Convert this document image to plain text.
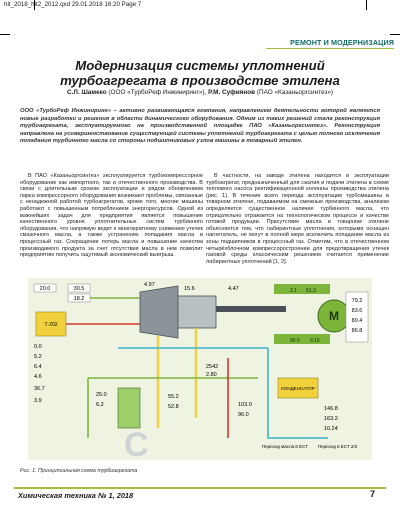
hit_2018_hit2_2012.qxd 29.01.2018 16:20 Page 7
РЕМОНТ И МОДЕРНИЗАЦИЯ
Модернизация системы уплотнений
турбоагрегата в производстве этилена
С.Л. Шамеко (ООО «ТурбоРеф Инжиниринг»), Р.М. Суфиянов (ПАО «Казаньоргсинтез»)
ООО «ТурбоРеф Инжиниринг» – активно развивающаяся компания, направлением деятельности которой являются новые разработки и решения в области динамического оборудования. Одним из таких решений стала реконструкция турбоагрегата, эксплуатируемого на производственной площадке ПАО «Казаньоргсинтез». Реконструкция направлена на усовершенствование существующей системы уплотнений турбоагрегата с целью полного исключения попадания турбинного масла со стороны подшипниковых узлов машины в товарный этилен.

В ПАО «Казаньоргсинтез» эксплуатируется турбокомпрессорное оборудование как импортного, так и отечественного производства. В связи с длительным сроком эксплуатации и рядом обновлением парка компрессорного оборудования возникают проблемы, связанные с ненадежной работой турбоагрегатов, кроме того, многие машины работают с повышенным потреблением энергоресурсов. Одной из важнейших задач для предприятия является повышение качественного уровня уплотнительных систем турбинного оборудования, что напрямую ведет к многократному снижению утечек смазочного масла, а также устранению попадания масла в процессный газ. Сокращение потерь масла и повышение качества производимого продукта за счет отсутствия масла в нем позволит предприятию получить ощутимый экономический выигрыш.

В частности, на заводе этилена находится в эксплуатации турбоагрегат, предназначенный для сжатия и подачи этилена в схеме теплового насоса ректификационной колонны производства этилена (рис. 1). В течение всего периода эксплуатации турбомашины в товарном этилене, подаваемом на смежные производства, анализом определяется существенное наличие турбинного масла, что отрицательно отражается на технологическом процессе и качестве готовой продукции. Присутствие масла в товарном этилене объясняется тем, что лабиринтные уплотнения, которыми оснащен нагнетатель, не могут в полной мере исключить попадание масла из зоны подшипников в процессный газ. Отметим, что в отечественном четырёхблочном компрессоростроении для предотвращения утечек газовой среды классическим решением считается применение лабиринтных уплотнений [1, 2].

М
79.2
83.6
80.4
86.8
2.1 51.3
96.5 9.15
20.0	30.5
18.2
4.97
15.6	4.47
Т-202
0.0
5.2
6.4
4.6
36.7
3.9
КОНДЕНСАТОР
2542
2.80
25.0
6.2
55.2
52.8	103.0
96.0
146.8
163.2
10.24
С	Переход масла в ЕСТ Переход в ЕСТ 2/3
Рис. 1. Принципиальная схема турбоагрегата
Химическая техника № 1, 2018	7
